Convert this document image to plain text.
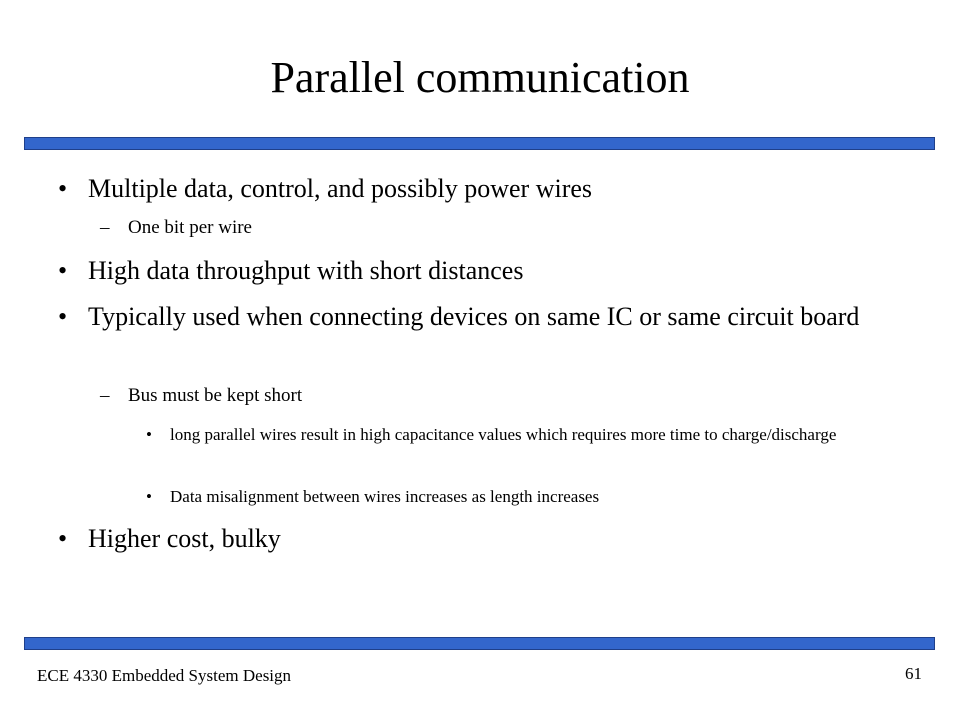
Parallel communication
• Multiple data, control, and possibly power wires
– One bit per wire
• High data throughput with short distances
• Typically used when connecting devices on same IC or same circuit board
– Bus must be kept short
• long parallel wires result in high capacitance values which requires more time to charge/discharge
• Data misalignment between wires increases as length increases
• Higher cost, bulky
ECE 4330 Embedded System Design	61
